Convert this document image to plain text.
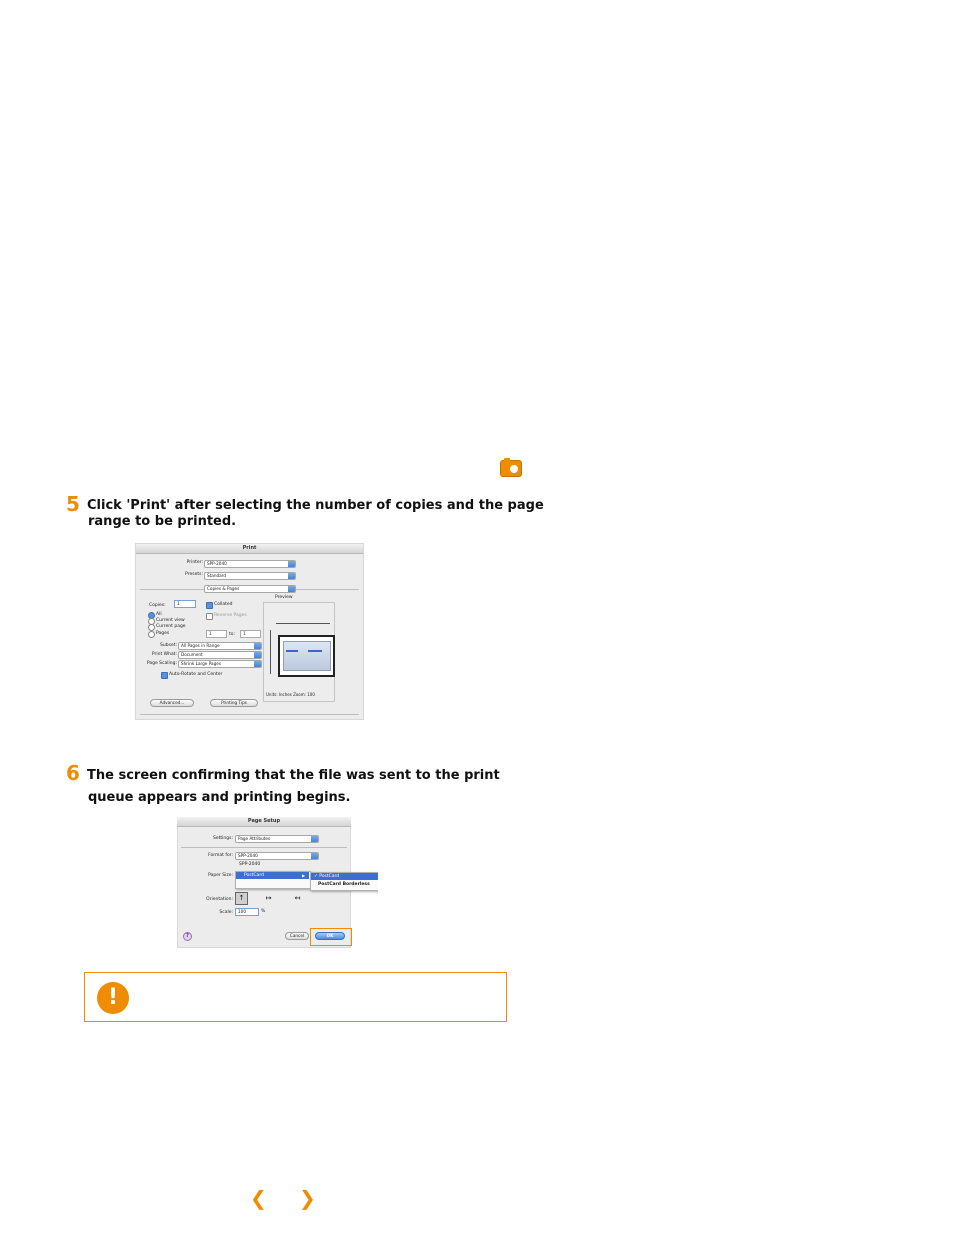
5 Click 'Print' after selecting the number of copies and the page
range to be printed.
Print
Printer: SPP-2040
Presets: Standard
Copies & Pages
Preview
Copies:	1	Collated
Reverse Pages
All
Current view
Current page
Pages	1	to:	1
Subset: All Pages in Range
Print What: Document
Page Scaling: Shrink Large Pages
Auto-Rotate and Center
Units: Inches Zoom: 100
Advanced...	Printing Tips
6 The screen confirming that the file was sent to the print
queue appears and printing begins.
Page Setup
Settings:	Page Attributes
Format for:	SPP-2040
SPP-2040
Paper Size: PostCard	▶ ✓ PostCard
PostCard Borderless
Orientation: ↑	↦	↤
Scale:	100	%
?	Cancel	OK
!
❮ ❯
